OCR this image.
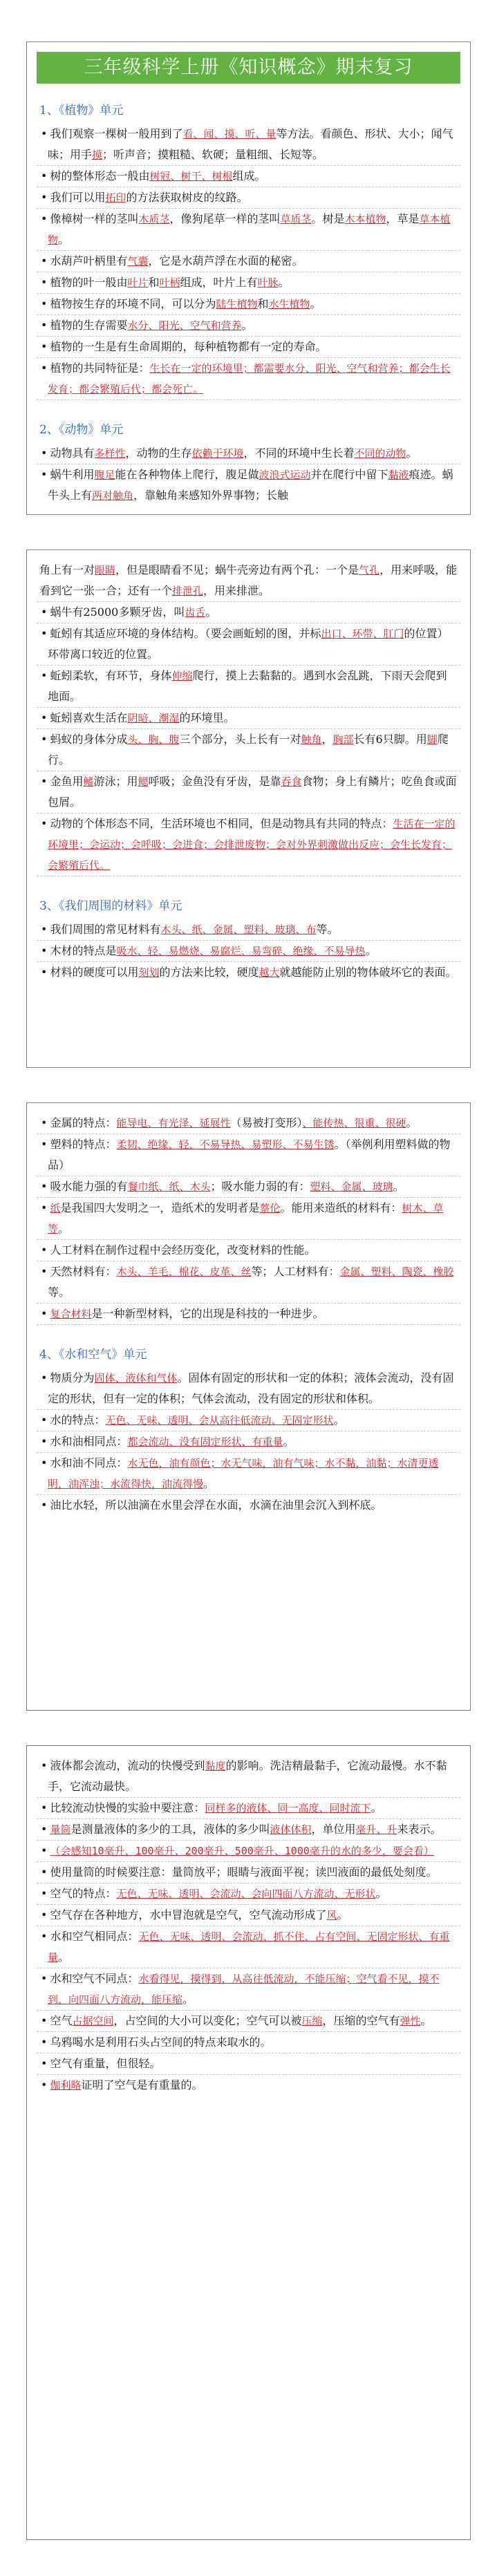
三年级科学上册《知识概念》期末复习
1、《植物》单元
• 我们观察一棵树一般用到了看、闻、摸、听、量等方法。看颜色、形状、大小；闻气味；用手摸；听声音；摸粗糙、软硬；量粗细、长短等。
• 树的整体形态一般由树冠、树干、树根组成。
• 我们可以用拓印的方法获取树皮的纹路。
• 像樟树一样的茎叫木质茎，像狗尾草一样的茎叫草质茎。树是木本植物，草是草本植物。
• 水葫芦叶柄里有气囊，它是水葫芦浮在水面的秘密。
• 植物的叶一般由叶片和叶柄组成，叶片上有叶脉。
• 植物按生存的环境不同，可以分为陆生植物和水生植物。
• 植物的生存需要水分、阳光、空气和营养。
• 植物的一生是有生命周期的，每种植物都有一定的寿命。
• 植物的共同特征是：生长在一定的环境里；都需要水分、阳光、空气和营养；都会生长发育；都会繁殖后代；都会死亡。
2、《动物》单元
• 动物具有多样性，动物的生存依赖于环境，不同的环境中生长着不同的动物。
• 蜗牛利用腹足能在各种物体上爬行，腹足做波浪式运动并在爬行中留下黏液痕迹。蜗牛头上有两对触角，靠触角来感知外界事物；长触
角上有一对眼睛，但是眼睛看不见；蜗牛壳旁边有两个孔：一个是气孔，用来呼吸，能看到它一张一合；还有一个排泄孔，用来排泄。
• 蜗牛有25000多颗牙齿，叫齿舌。
• 蚯蚓有其适应环境的身体结构。（要会画蚯蚓的图，并标出口、环带、肛门的位置）环带离口较近的位置。
• 蚯蚓柔软，有环节，身体伸缩爬行，摸上去黏黏的。遇到水会乱跳，下雨天会爬到地面。
• 蚯蚓喜欢生活在阴暗、潮湿的环境里。
• 蚂蚁的身体分成头、胸、腹三个部分，头上长有一对触角，胸部长有6只脚。用脚爬行。
• 金鱼用鳍游泳；用鳃呼吸；金鱼没有牙齿，是靠吞食食物；身上有鳞片；吃鱼食或面包屑。
• 动物的个体形态不同，生活环境也不相同，但是动物具有共同的特点：生活在一定的环境里；会运动；会呼吸；会进食；会排泄废物；会对外界刺激做出反应；会生长发育；会繁殖后代。
3、《我们周围的材料》单元
• 我们周围的常见材料有木头、纸、金属、塑料、玻璃、布等。
• 木材的特点是吸水、轻、易燃烧、易腐烂、易弯碎、绝缘、不易导热。
• 材料的硬度可以用刻划的方法来比较，硬度越大就越能防止别的物体破坏它的表面。
• 金属的特点：能导电、有光泽、延展性（易被打变形）、能传热、很重、很硬。
• 塑料的特点：柔韧、绝缘、轻、不易导热、易塑形、不易生锈。（举例利用塑料做的物品）
• 吸水能力强的有餐巾纸、纸、木头；吸水能力弱的有：塑料、金属、玻璃。
• 纸是我国四大发明之一，造纸术的发明者是蔡伦。能用来造纸的材料有：树木、草等。
• 人工材料在制作过程中会经历变化，改变材料的性能。
• 天然材料有：木头、羊毛、棉花、皮革、丝等；人工材料有：金属、塑料、陶瓷、橡胶等。
• 复合材料是一种新型材料，它的出现是科技的一种进步。
4、《水和空气》单元
• 物质分为固体、液体和气体。固体有固定的形状和一定的体积；液体会流动，没有固定的形状，但有一定的体积；气体会流动，没有固定的形状和体积。
• 水的特点：无色、无味、透明、会从高往低流动、无固定形状。
• 水和油相同点：都会流动、没有固定形状、有重量。
• 水和油不同点：水无色，油有颜色；水无气味，油有气味；水不黏，油黏；水清更透明，油浑浊；水流得快，油流得慢。
• 油比水轻，所以油滴在水里会浮在水面，水滴在油里会沉入到杯底。
• 液体都会流动，流动的快慢受到黏度的影响。洗洁精最黏手，它流动最慢。水不黏手，它流动最快。
• 比较流动快慢的实验中要注意：同样多的液体、同一高度、同时流下。
• 量筒是测量液体的多少的工具，液体的多少叫液体体积，单位用毫升、升来表示。
• （会感知10毫升、100毫升、200毫升、500毫升、1000毫升的水的多少，要会看）
• 使用量筒的时候要注意：量筒放平；眼睛与液面平视；读凹液面的最低处刻度。
• 空气的特点：无色、无味、透明、会流动、会向四面八方流动、无形状。
• 空气存在各种地方，水中冒泡就是空气，空气流动形成了风。
• 水和空气相同点：无色、无味、透明、会流动、抓不住、占有空间、无固定形状、有重量。
• 水和空气不同点：水看得见，摸得到，从高往低流动，不能压缩；空气看不见，摸不到，向四面八方流动，能压缩。
• 空气占据空间，占空间的大小可以变化；空气可以被压缩，压缩的空气有弹性。
• 乌鸦喝水是利用石头占空间的特点来取水的。
• 空气有重量，但很轻。
• 伽利略证明了空气是有重量的。
